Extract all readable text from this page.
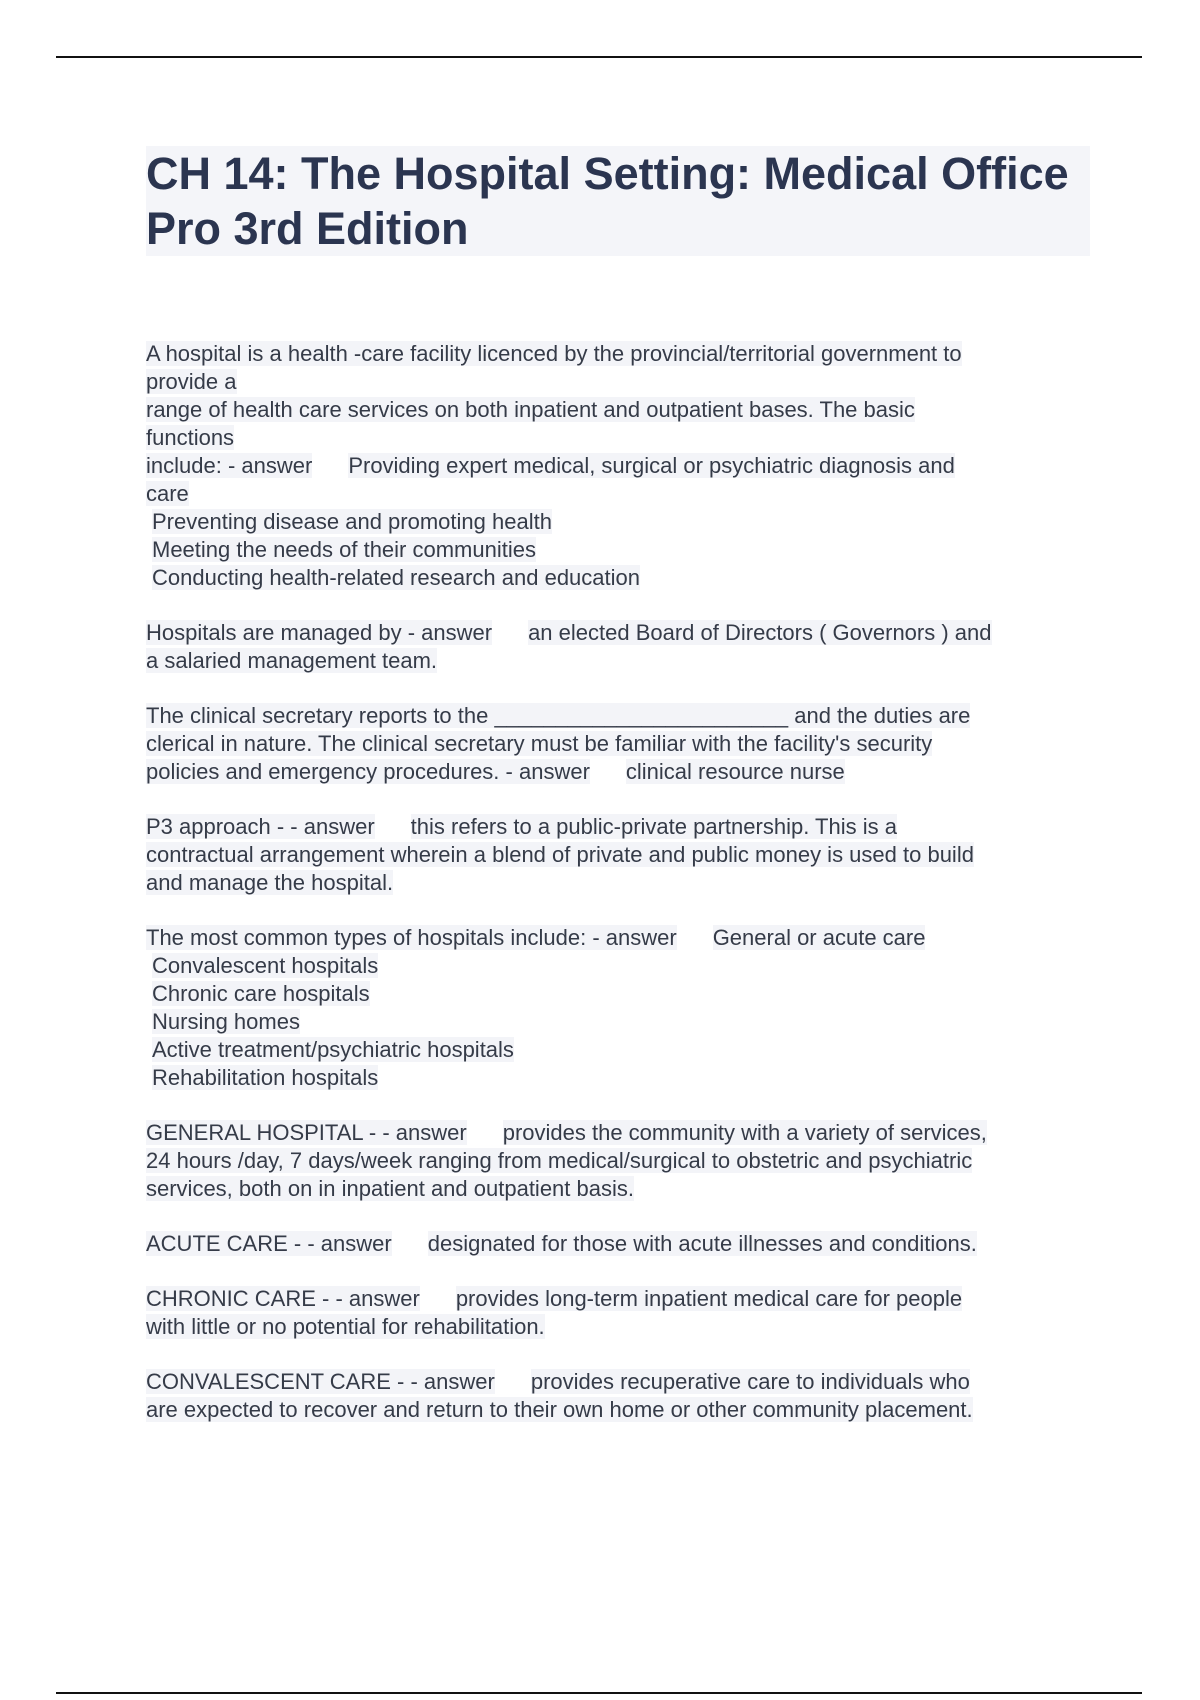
CH 14: The Hospital Setting: Medical Office Pro 3rd Edition
A hospital is a health -care facility licenced by the provincial/territorial government to
provide a
range of health care services on both inpatient and outpatient bases. The basic
functions
include: - answer Providing expert medical, surgical or psychiatric diagnosis and
care
Preventing disease and promoting health
Meeting the needs of their communities
Conducting health-related research and education
Hospitals are managed by - answer an elected Board of Directors ( Governors ) and
a salaried management team.
The clinical secretary reports to the ________________________ and the duties are
clerical in nature. The clinical secretary must be familiar with the facility's security
policies and emergency procedures. - answer clinical resource nurse
P3 approach - - answer this refers to a public-private partnership. This is a
contractual arrangement wherein a blend of private and public money is used to build
and manage the hospital.
The most common types of hospitals include: - answer General or acute care
Convalescent hospitals
Chronic care hospitals
Nursing homes
Active treatment/psychiatric hospitals
Rehabilitation hospitals
GENERAL HOSPITAL - - answer provides the community with a variety of services,
24 hours /day, 7 days/week ranging from medical/surgical to obstetric and psychiatric
services, both on in inpatient and outpatient basis.
ACUTE CARE - - answer designated for those with acute illnesses and conditions.
CHRONIC CARE - - answer provides long-term inpatient medical care for people
with little or no potential for rehabilitation.
CONVALESCENT CARE - - answer provides recuperative care to individuals who
are expected to recover and return to their own home or other community placement.
